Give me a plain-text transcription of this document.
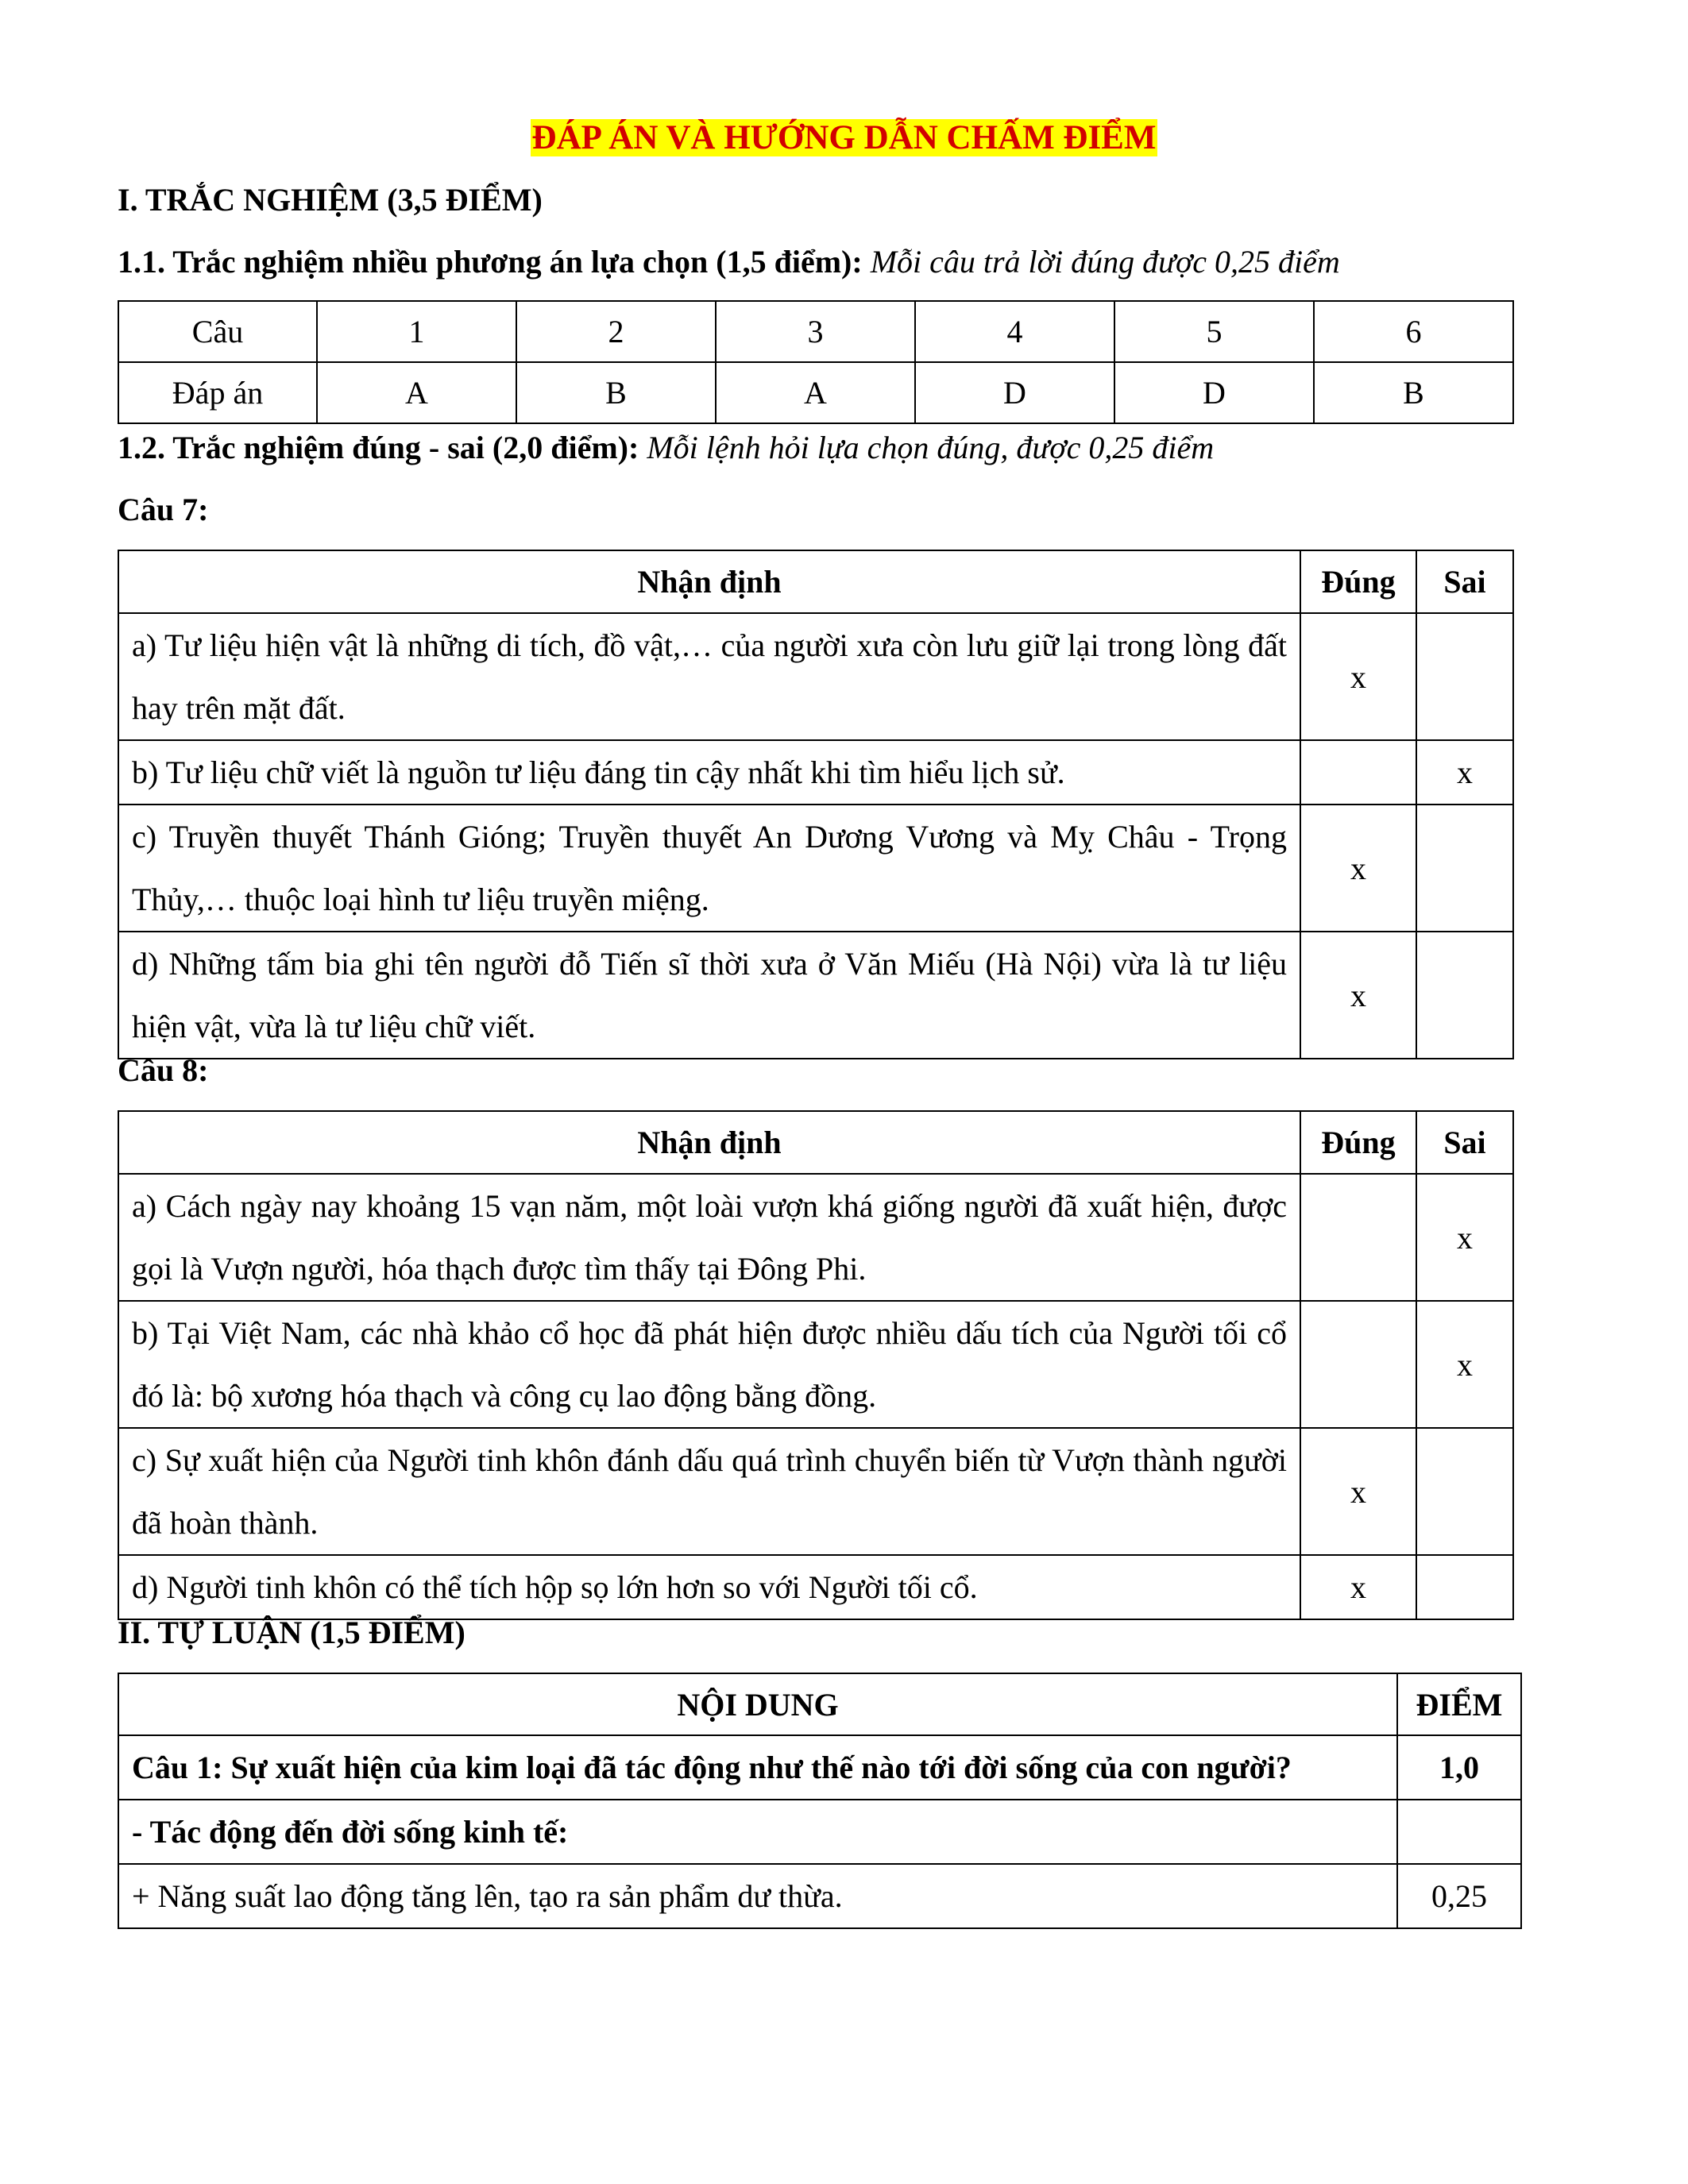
ĐÁP ÁN VÀ HƯỚNG DẪN CHẤM ĐIỂM
I. TRẮC NGHIỆM (3,5 ĐIỂM)
1.1. Trắc nghiệm nhiều phương án lựa chọn (1,5 điểm): Mỗi câu trả lời đúng được 0,25 điểm
Câu	1	2	3	4	5	6
Đáp án	A	B	A	D	D	B
1.2. Trắc nghiệm đúng - sai (2,0 điểm): Mỗi lệnh hỏi lựa chọn đúng, được 0,25 điểm
Câu 7:
Nhận định	Đúng	Sai
a) Tư liệu hiện vật là những di tích, đồ vật,… của người xưa còn lưu giữ lại trong lòng đất hay trên mặt đất.	x	
b) Tư liệu chữ viết là nguồn tư liệu đáng tin cậy nhất khi tìm hiểu lịch sử.		x
c) Truyền thuyết Thánh Gióng; Truyền thuyết An Dương Vương và Mỵ Châu - Trọng Thủy,… thuộc loại hình tư liệu truyền miệng.	x	
d) Những tấm bia ghi tên người đỗ Tiến sĩ thời xưa ở Văn Miếu (Hà Nội) vừa là tư liệu hiện vật, vừa là tư liệu chữ viết.	x	
Câu 8:
Nhận định	Đúng	Sai
a) Cách ngày nay khoảng 15 vạn năm, một loài vượn khá giống người đã xuất hiện, được gọi là Vượn người, hóa thạch được tìm thấy tại Đông Phi.		x
b) Tại Việt Nam, các nhà khảo cổ học đã phát hiện được nhiều dấu tích của Người tối cổ đó là: bộ xương hóa thạch và công cụ lao động bằng đồng.		x
c) Sự xuất hiện của Người tinh khôn đánh dấu quá trình chuyển biến từ Vượn thành người đã hoàn thành.	x	
d) Người tinh khôn có thể tích hộp sọ lớn hơn so với Người tối cổ.	x	
II. TỰ LUẬN (1,5 ĐIỂM)
NỘI DUNG	ĐIỂM
Câu 1: Sự xuất hiện của kim loại đã tác động như thế nào tới đời sống của con người?	1,0
- Tác động đến đời sống kinh tế:	
+ Năng suất lao động tăng lên, tạo ra sản phẩm dư thừa.	0,25
